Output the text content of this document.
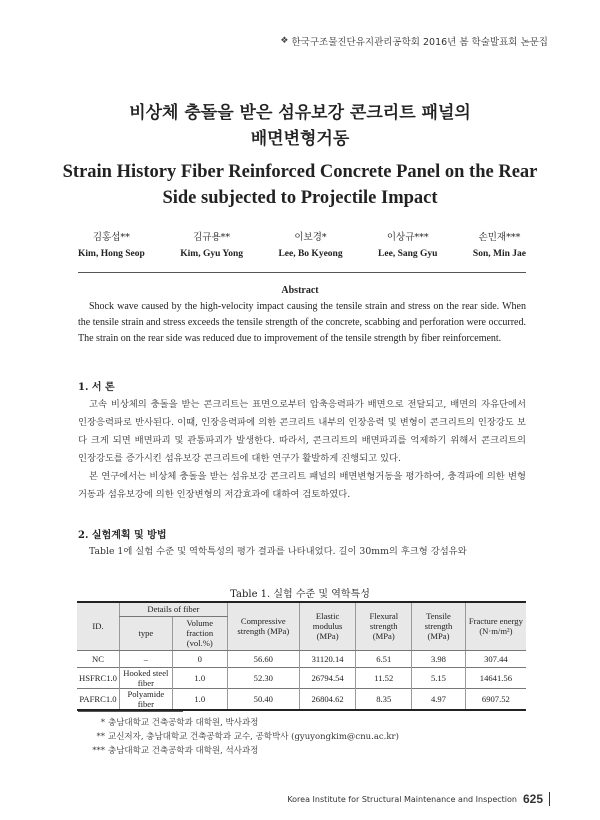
❖ 한국구조물진단유지관리공학회 2016년 봄 학술발표회 논문집
비상체 충돌을 받은 섬유보강 콘크리트 패널의
배면변형거동
Strain History Fiber Reinforced Concrete Panel on the Rear
Side subjected to Projectile Impact
김홍섭**
Kim, Hong Seop
김규용**
Kim, Gyu Yong
이보경*
Lee, Bo Kyeong
이상규***
Lee, Sang Gyu
손민재***
Son, Min Jae
Abstract

Shock wave caused by the high-velocity impact causing the tensile strain and stress on the rear side. When the tensile strain and stress exceeds the tensile strength of the concrete, scabbing and perforation were occurred. The strain on the rear side was reduced due to improvement of the tensile strength by fiber reinforcement.

1. 서 론

고속 비상체의 충돌을 받는 콘크리트는 표면으로부터 압축응력파가 배면으로 전달되고, 배면의 자유단에서 인장응력파로 반사된다. 이때, 인장응력파에 의한 콘크리트 내부의 인장응력 및 변형이 콘크리트의 인장강도 보다 크게 되면 배면파괴 및 관통파괴가 발생한다. 따라서, 콘크리트의 배면파괴를 억제하기 위해서 콘크리트의 인장강도를 증가시킨 섬유보강 콘크리트에 대한 연구가 활발하게 진행되고 있다.

본 연구에서는 비상체 충돌을 받는 섬유보강 콘크리트 패널의 배면변형거동을 평가하여, 충격파에 의한 변형거동과 섬유보강에 의한 인장변형의 저감효과에 대하여 검토하였다.

2. 실험계획 및 방법

Table 1에 실험 수준 및 역학특성의 평가 결과를 나타내었다. 길이 30mm의 후크형 강섬유와

Table 1. 실험 수준 및 역학특성
ID.	Details of fiber		Compressive strength (MPa)	Elastic modulus (MPa)	Flexural strength (MPa)	Tensile strength (MPa)	Fracture energy (N·m/m²)
	type	Volume fraction (vol.%)					
NC	–	0	56.60	31120.14	6.51	3.98	307.44
HSFRC1.0	Hooked steel fiber	1.0	52.30	26794.54	11.52	5.15	14641.56
PAFRC1.0	Polyamide fiber	1.0	50.40	26804.62	8.35	4.97	6907.52
* 충남대학교 건축공학과 대학원, 박사과정
** 교신저자, 충남대학교 건축공학과 교수, 공학박사 (gyuyongkim@cnu.ac.kr)
*** 충남대학교 건축공학과 대학원, 석사과정
Korea Institute for Structural Maintenance and Inspection 625
